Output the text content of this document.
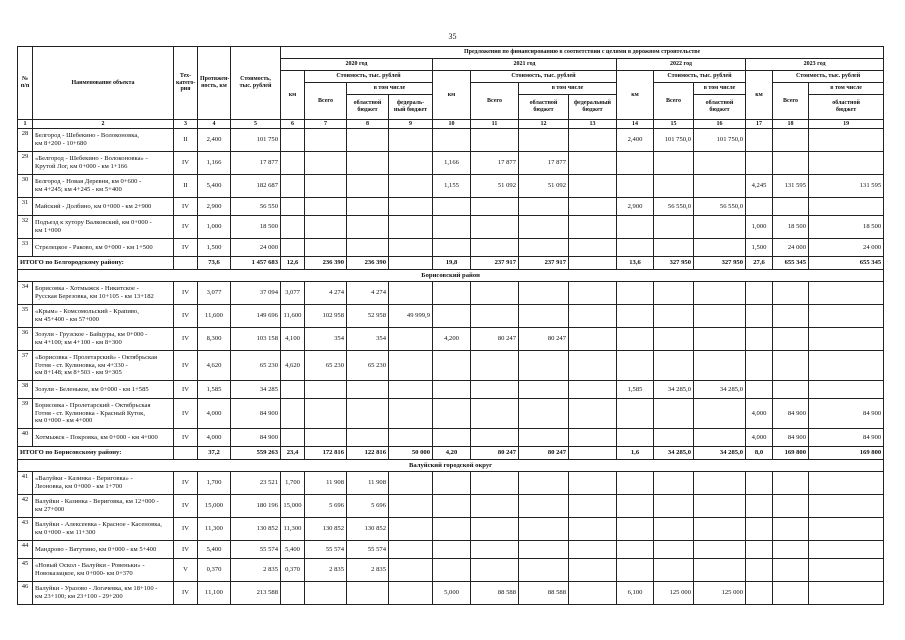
35
№
п/п	Наименование объекта	Тех-
катего-
рия	Протяжен-
ность, км	Стоимость,
тыс. рублей	Предложения по финансированию в соответствии с целями в дорожном строительстве													
					2020 год				2021 год				2022 год			2023 год		
					км	Стоимость, тыс. рублей			км	Стоимость, тыс. рублей			км	Стоимость, тыс. рублей		км	Стоимость, тыс. рублей	
						Всего	в том числе			Всего	в том числе			Всего	в том числе		Всего	в том числе
							областной
бюджет	федераль-
ный бюджет			областной
бюджет	федеральный
бюджет			областной
бюджет			областной
бюджет
1	2	3	4	5	6	7	8	9	10	11	12	13	14	15	16	17	18	19
28	Белгород - Шебекино - Волоконовка,
км 8+200 - 10+680	II	2,400	101 750									2,400	101 750,0	101 750,0			
29	«Белгород - Шебекино - Волоконовка» -
Крутой Лог, км 0+000 - км 1+166	IV	1,166	17 877					1,166	17 877	17 877							
30	Белгород - Новая Деревня, км 0+600 -
км 4+245; км 4+245 - км 5+400	II	5,400	182 687					1,155	51 092	51 092					4,245	131 595	131 595
31	Майский - Долбино, км 0+000 - км 2+900	IV	2,900	56 550									2,900	56 550,0	56 550,0			
32	Подъезд к хутору Валковский, км 0+000 -
км 1+000	IV	1,000	18 500												1,000	18 500	18 500
33	Стрелецкое - Раково, км 0+000 - км 1+500	IV	1,500	24 000												1,500	24 000	24 000
ИТОГО по Белгородскому району:			73,6	1 457 683	12,6	236 390	236 390		19,8	237 917	237 917		13,6	327 950	327 950	27,6	655 345	655 345
Борисовский район																		
34	Борисовка - Хотмыжск - Никитское -
Русская Березовка, км 10+105 - км 13+182	IV	3,077	37 094	3,077	4 274	4 274											
35	«Крым» - Комсомольский - Крапиво,
км 45+400 - км 57+000	IV	11,600	149 696	11,600	102 958	52 958	49 999,9										
36	Зозули - Грузское - Байцуры, км 0+000 -
км 4+100; км 4+100 - км 8+300	IV	8,300	103 158	4,100	354	354		4,200	80 247	80 247							
37	«Борисовка - Пролетарский» - Октябрьская
Готня - ст. Кулиновка, км 4+330 -
км 8+148; км 8+503 - км 9+305	IV	4,620	65 230	4,620	65 230	65 230											
38	Зозули - Беленькое, км 0+000 - км 1+585	IV	1,585	34 285									1,585	34 285,0	34 285,0			
39	Борисовка - Пролетарский - Октябрьская
Готня - ст. Кулиновка - Красный Куток,
км 0+000 - км 4+000	IV	4,000	84 900												4,000	84 900	84 900
40	Хотмыжск - Покровка, км 0+000 - км 4+000	IV	4,000	84 900												4,000	84 900	84 900
ИТОГО по Борисовскому району:			37,2	559 263	23,4	172 816	122 816	50 000	4,20	80 247	80 247		1,6	34 285,0	34 285,0	8,0	169 800	169 800
Валуйский городской округ																		
41	«Валуйки - Казинка - Вериговка» -
Леоновка, км 0+000 - км 1+700	IV	1,700	23 521	1,700	11 908	11 908											
42	Валуйки - Казинка - Вериговка, км 12+000 -
км 27+000	IV	15,000	180 196	15,000	5 696	5 696											
43	Валуйки - Алексеевка - Красное - Касеновка,
км 0+000 - км 11+300	IV	11,300	130 852	11,300	130 852	130 852											
44	Мандрово - Ватутино, км 0+000 - км 5+400	IV	5,400	55 574	5,400	55 574	55 574											
45	«Новый Оскол - Валуйки - Ровеньки» -
Новоказацкое, км 0+000- км 0+370	V	0,370	2 835	0,370	2 835	2 835											
46	Валуйки - Уразово - Логачевка, км 18+100 -
км 23+100; км 23+100 - 29+200	IV	11,100	213 588					5,000	88 588	88 588		6,100	125 000	125 000			
